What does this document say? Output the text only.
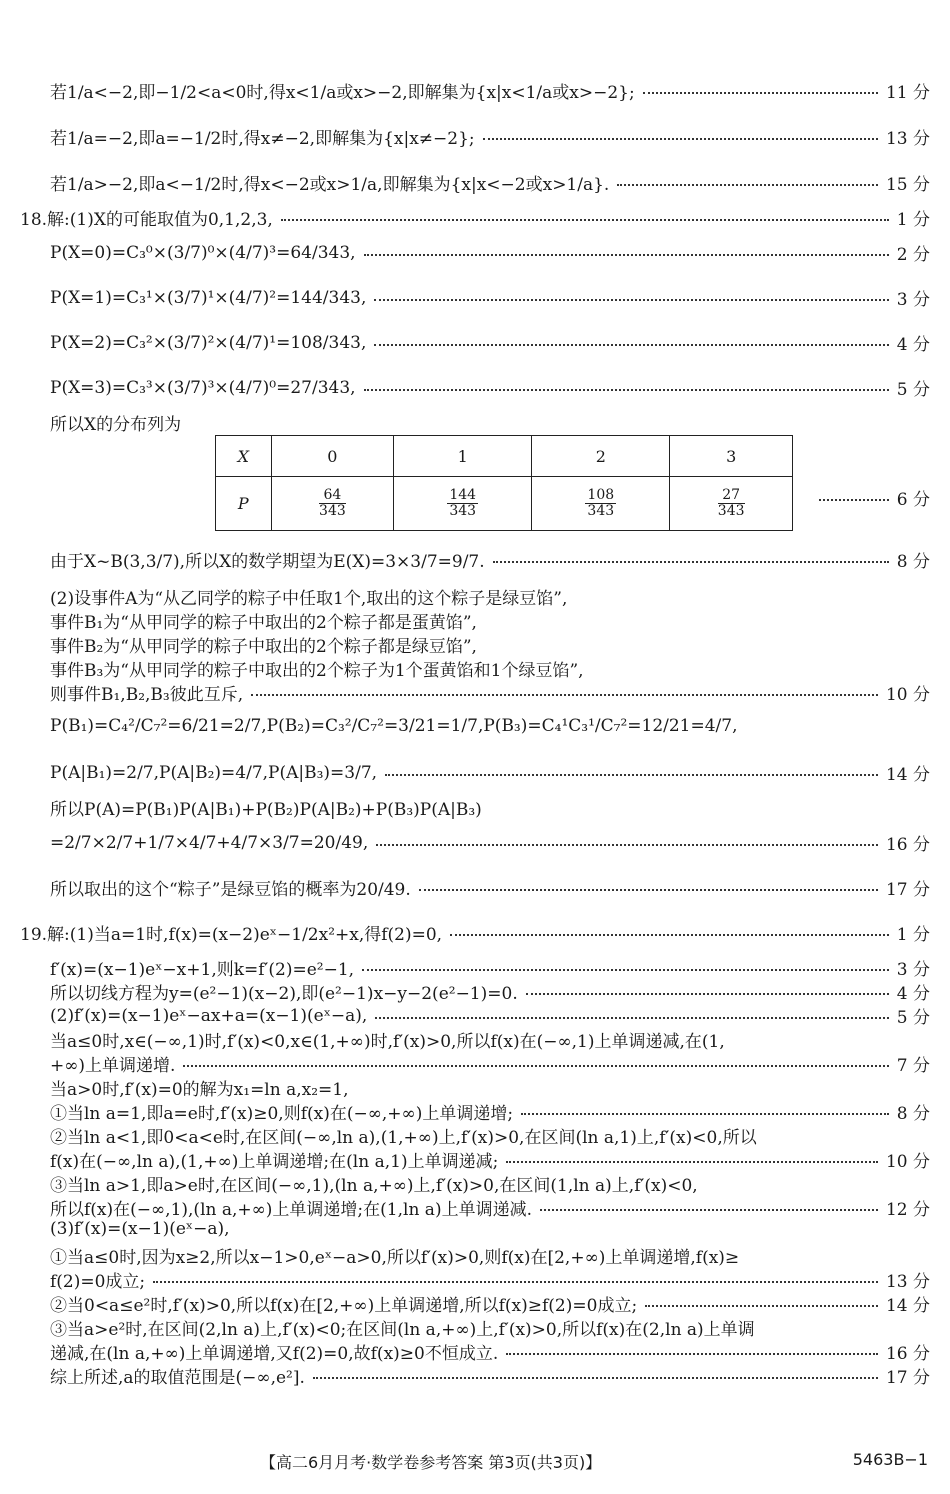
若1/a<−2,即−1/2<a<0时,得x<1/a或x>−2,即解集为{x|x<1/a或x>−2};	11 分
若1/a=−2,即a=−1/2时,得x≠−2,即解集为{x|x≠−2};	13 分
若1/a>−2,即a<−1/2时,得x<−2或x>1/a,即解集为{x|x<−2或x>1/a}.	15 分
18.解:(1)X的可能取值为0,1,2,3,	1 分
P(X=0)=C₃⁰×(3/7)⁰×(4/7)³=64/343,	2 分
P(X=1)=C₃¹×(3/7)¹×(4/7)²=144/343,	3 分
P(X=2)=C₃²×(3/7)²×(4/7)¹=108/343,	4 分
P(X=3)=C₃³×(3/7)³×(4/7)⁰=27/343,	5 分
所以X的分布列为
X	0	1	2	3
P	$\frac{64}{343}$	$\frac{144}{343}$	$\frac{108}{343}$	$\frac{27}{343}$	6 分
由于X~B(3,3/7),所以X的数学期望为E(X)=3×3/7=9/7.	8 分
(2)设事件A为“从乙同学的粽子中任取1个,取出的这个粽子是绿豆馅”,
事件B₁为“从甲同学的粽子中取出的2个粽子都是蛋黄馅”,
事件B₂为“从甲同学的粽子中取出的2个粽子都是绿豆馅”,
事件B₃为“从甲同学的粽子中取出的2个粽子为1个蛋黄馅和1个绿豆馅”,
则事件B₁,B₂,B₃彼此互斥,	10 分
P(B₁)=C₄²/C₇²=6/21=2/7,P(B₂)=C₃²/C₇²=3/21=1/7,P(B₃)=C₄¹C₃¹/C₇²=12/21=4/7,
P(A|B₁)=2/7,P(A|B₂)=4/7,P(A|B₃)=3/7,	14 分
所以P(A)=P(B₁)P(A|B₁)+P(B₂)P(A|B₂)+P(B₃)P(A|B₃)
=2/7×2/7+1/7×4/7+4/7×3/7=20/49,	16 分
所以取出的这个“粽子”是绿豆馅的概率为20/49.	17 分
19.解:(1)当a=1时,f(x)=(x−2)eˣ−1/2x²+x,得f(2)=0,	1 分
f′(x)=(x−1)eˣ−x+1,则k=f′(2)=e²−1,	3 分
所以切线方程为y=(e²−1)(x−2),即(e²−1)x−y−2(e²−1)=0.	4 分
(2)f′(x)=(x−1)eˣ−ax+a=(x−1)(eˣ−a),	5 分
当a≤0时,x∈(−∞,1)时,f′(x)<0,x∈(1,+∞)时,f′(x)>0,所以f(x)在(−∞,1)上单调递减,在(1,
+∞)上单调递增.	7 分
当a>0时,f′(x)=0的解为x₁=ln a,x₂=1,
①当ln a=1,即a=e时,f′(x)≥0,则f(x)在(−∞,+∞)上单调递增;	8 分
②当ln a<1,即0<a<e时,在区间(−∞,ln a),(1,+∞)上,f′(x)>0,在区间(ln a,1)上,f′(x)<0,所以
f(x)在(−∞,ln a),(1,+∞)上单调递增;在(ln a,1)上单调递减;	10 分
③当ln a>1,即a>e时,在区间(−∞,1),(ln a,+∞)上,f′(x)>0,在区间(1,ln a)上,f′(x)<0,
所以f(x)在(−∞,1),(ln a,+∞)上单调递增;在(1,ln a)上单调递减.	12 分
(3)f′(x)=(x−1)(eˣ−a),
①当a≤0时,因为x≥2,所以x−1>0,eˣ−a>0,所以f′(x)>0,则f(x)在[2,+∞)上单调递增,f(x)≥
f(2)=0成立;	13 分
②当0<a≤e²时,f′(x)>0,所以f(x)在[2,+∞)上单调递增,所以f(x)≥f(2)=0成立;	14 分
③当a>e²时,在区间(2,ln a)上,f′(x)<0;在区间(ln a,+∞)上,f′(x)>0,所以f(x)在(2,ln a)上单调
递减,在(ln a,+∞)上单调递增,又f(2)=0,故f(x)≥0不恒成立.	16 分
综上所述,a的取值范围是(−∞,e²].	17 分
【高二6月月考·数学卷参考答案 第3页(共3页)】	5463B−1
